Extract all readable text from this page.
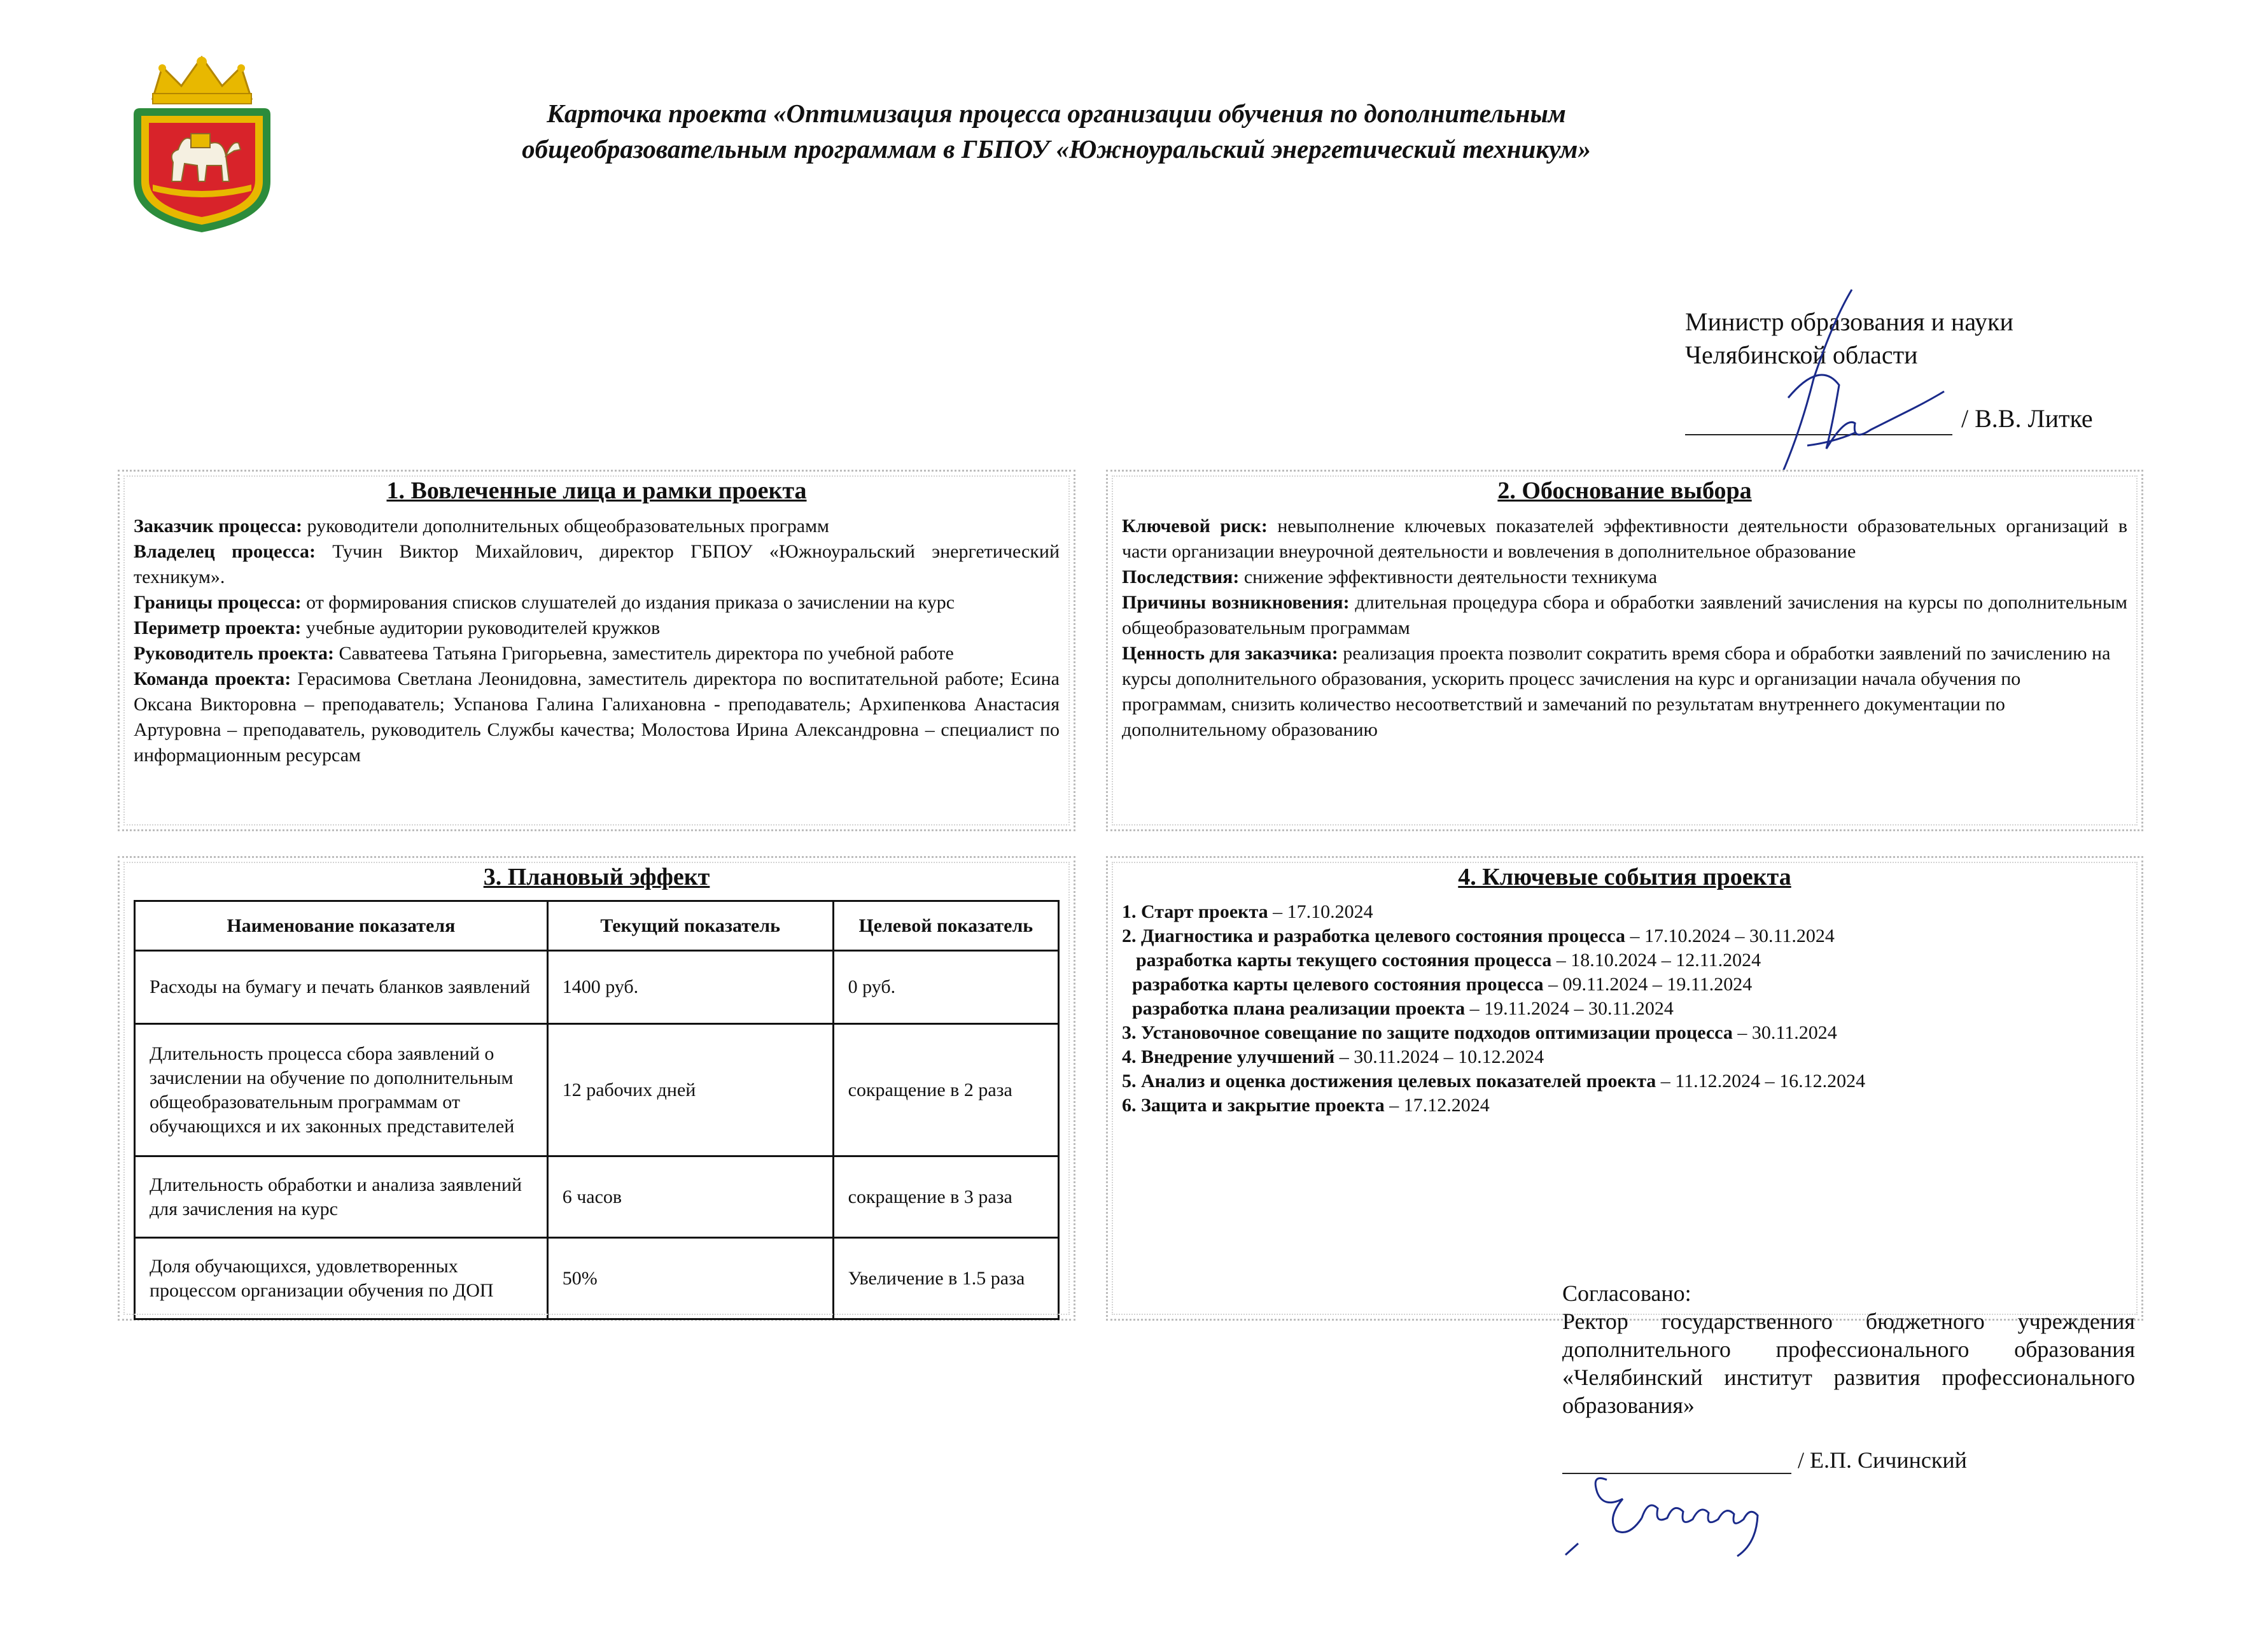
Карточка проекта «Оптимизация процесса организации обучения по дополнительным
общеобразовательным программам в ГБПОУ «Южноуральский энергетический техникум»
Министр образования и науки
Челябинской области
/ В.В. Литке
1. Вовлеченные лица и рамки проекта

Заказчик процесса: руководители дополнительных общеобразовательных программ

Владелец процесса: Тучин Виктор Михайлович, директор ГБПОУ «Южноуральский энергетический техникум».

Границы процесса: от формирования списков слушателей до издания приказа о зачислении на курс

Периметр проекта: учебные аудитории руководителей кружков

Руководитель проекта: Савватеева Татьяна Григорьевна, заместитель директора по учебной работе

Команда проекта: Герасимова Светлана Леонидовна, заместитель директора по воспитательной работе; Есина Оксана Викторовна – преподаватель; Успанова Галина Галихановна - преподаватель; Архипенкова Анастасия Артуровна – преподаватель, руководитель Службы качества; Молостова Ирина Александровна – специалист по информационным ресурсам

2. Обоснование выбора

Ключевой риск: невыполнение ключевых показателей эффективности деятельности образовательных организаций в части организации внеурочной деятельности и вовлечения в дополнительное образование

Последствия: снижение эффективности деятельности техникума

Причины возникновения: длительная процедура сбора и обработки заявлений зачисления на курсы по дополнительным общеобразовательным программам

Ценность для заказчика: реализация проекта позволит сократить время сбора и обработки заявлений по зачислению на курсы дополнительного образования, ускорить процесс зачисления на курс и организации начала обучения по программам, снизить количество несоответствий и замечаний по результатам внутреннего документации по дополнительному образованию

3. Плановый эффект
Наименование показателя	Текущий показатель	Целевой показатель
Расходы на бумагу и печать бланков заявлений	1400 руб.	0 руб.
Длительность процесса сбора заявлений о зачислении на обучение по дополнительным общеобразовательным программам от обучающихся и их законных представителей	12 рабочих дней	сокращение в 2 раза
Длительность обработки и анализа заявлений для зачисления на курс	6 часов	сокращение в 3 раза
Доля обучающихся, удовлетворенных процессом организации обучения по ДОП	50%	Увеличение в 1.5 раза
4. Ключевые события проекта
1. Старт проекта – 17.10.2024
2. Диагностика и разработка целевого состояния процесса – 17.10.2024 – 30.11.2024
разработка карты текущего состояния процесса – 18.10.2024 – 12.11.2024
разработка карты целевого состояния процесса – 09.11.2024 – 19.11.2024
разработка плана реализации проекта – 19.11.2024 – 30.11.2024
3. Установочное совещание по защите подходов оптимизации процесса – 30.11.2024
4. Внедрение улучшений – 30.11.2024 – 10.12.2024
5. Анализ и оценка достижения целевых показателей проекта – 11.12.2024 – 16.12.2024
6. Защита и закрытие проекта – 17.12.2024
Согласовано:
Ректор государственного бюджетного учреждения дополнительного профессионального образования «Челябинский институт развития профессионального образования»
/ Е.П. Сичинский
